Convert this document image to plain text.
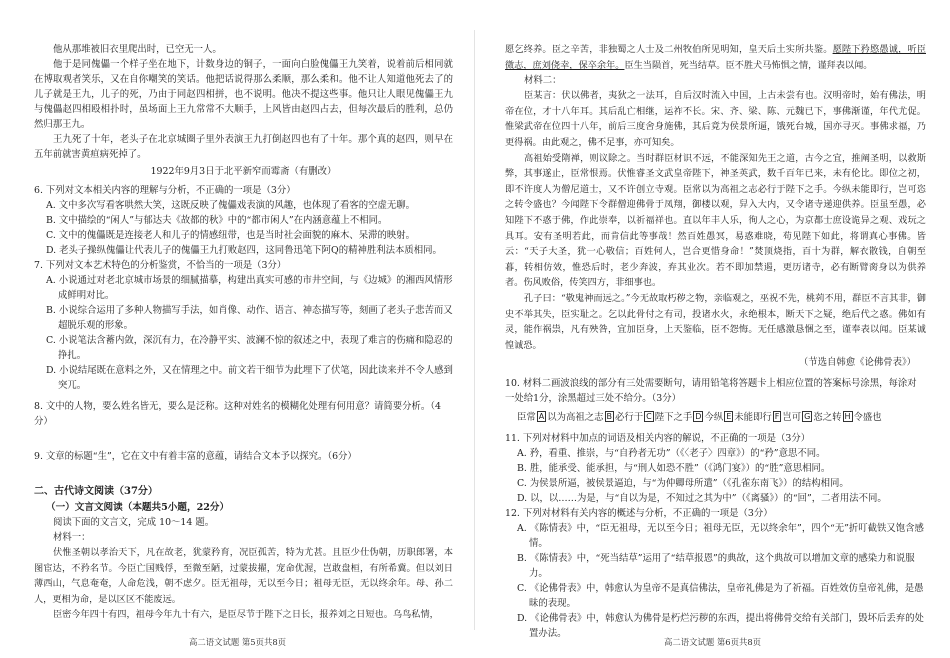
他从那堆被旧衣里爬出时，已空无一人。

他于是同傀儡一个样子坐在地下，计数身边的铜子，一面向白脸傀儡王九笑着，说着前后相同就在博取观者笑乐，又在自你嘲笑的笑话。他把话说得那么柔顺，那么柔和。他不让人知道他死去了的儿子就是王九，儿子的死，乃由于同赵四相拼，也不说明。他决不提这些事。他只让人眼见傀儡王九与傀儡赵四相殴相扑时，虽场面上王九常常不大顺手，上风皆由赵四占去，但每次最后的胜利，总仍然归那王九。

王九死了十年，老头子在北京城圈子里外表演王九打倒赵四也有了十年。那个真的赵四，则早在五年前就害黄疸病死掉了。

1922年9月3日于北平新窄而霉斋（有删改）

6. 下列对文本相关内容的理解与分析，不正确的一项是（3分）

A. 文中多次写看客哄然大笑，这既反映了傀儡戏表演的风趣，也体现了看客的空虚无聊。

B. 文中描绘的“闲人”与郁达夫《故都的秋》中的“都市闲人”在内涵意蕴上不相同。

C. 文中的傀儡既是连接老人和儿子的情感纽带，也是当时社会面貌的麻木、呆滞的映射。

D. 老头子操纵傀儡让代表儿子的傀儡王九打败赵四，这同鲁迅笔下阿Q的精神胜利法本质相同。

7. 下列对文本艺术特色的分析鉴赏，不恰当的一项是（3分）

A. 小说通过对老北京城市场景的细腻描摹，构建出真实可感的市井空间，与《边城》的湘西风情形成鲜明对比。

B. 小说综合运用了多种人物描写手法，如肖像、动作、语言、神态描写等，刻画了老头子悲苦而又超脱乐观的形象。

C. 小说笔法含蓄内敛，深沉有力，在冷静平实、波澜不惊的叙述之中，表现了难言的伤痛和隐忍的挣扎。

D. 小说结尾既在意料之外，又在情理之中。前文若干细节为此埋下了伏笔，因此读来并不令人感到突兀。

8. 文中的人物，要么姓名皆无，要么是泛称。这种对姓名的模糊化处理有何用意？请简要分析。（4分）

9. 文章的标题“生”，它在文中有着丰富的意蕴，请结合文本予以探究。（6分）

二、古代诗文阅读（37分）

（一）文言文阅读（本题共5小题，22分）

阅读下面的文言文，完成 10～14 题。

材料一：

伏惟圣朝以孝治天下，凡在故老，犹蒙矜育，况臣孤苦，特为尤甚。且臣少仕伪朝，历职郎署，本图宦达，不矜名节。今臣亡国贱俘，至微至陋，过蒙拔擢，宠命优渥，岂敢盘桓，有所希冀。但以刘日薄西山，气息奄奄，人命危浅，朝不虑夕。臣无祖母，无以至今日；祖母无臣，无以终余年。母、孙二人，更相为命，是以区区不能废远。

臣密今年四十有四，祖母今年九十有六，是臣尽节于陛下之日长，报养刘之日短也。乌鸟私情，

高二语文试题 第5页共8页

愿乞终养。臣之辛苦，非独蜀之人士及二州牧伯所见明知，皇天后土实所共鉴。愿陛下矜愍愚诚，听臣微志，庶刘侥幸，保卒余年。臣生当陨首，死当结草。臣不胜犬马怖惧之情，谨拜表以闻。

材料二：

臣某言：伏以佛者，夷狄之一法耳，自后汉时流入中国，上古未尝有也。汉明帝时，始有佛法，明帝在位，才十八年耳。其后乱亡相继，运祚不长。宋、齐、梁、陈、元魏已下，事佛渐谨，年代尤促。惟梁武帝在位四十八年，前后三度舍身施佛，其后竟为侯景所逼，饿死台城，国亦寻灭。事佛求福，乃更得祸。由此观之，佛不足事，亦可知矣。

高祖始受隋禅，则议除之。当时群臣材识不远，不能深知先王之道，古今之宜，推阐圣明，以救斯弊，其事遂止，臣常恨焉。伏惟睿圣文武皇帝陛下，神圣英武，数千百年已来，未有伦比。即位之初，即不许度人为僧尼道士，又不许创立寺观。臣常以为高祖之志必行于陛下之手。今纵未能即行，岂可恣之转令盛也？今闻陛下令群僧迎佛骨于凤翔，御楼以观，舁入大内，又令诸寺递迎供养。臣虽至愚，必知陛下不惑于佛，作此崇奉，以祈福祥也。直以年丰人乐，徇人之心，为京都士庶设诡异之观、戏玩之具耳。安有圣明若此，而肯信此等事哉！然百姓愚冥，易惑难晓，苟见陛下如此，将谓真心事佛。皆云：“天子大圣，犹一心敬信；百姓何人，岂合更惜身命！”焚顶烧指，百十为群，解衣散钱，自朝至暮，转相仿效，惟恐后时，老少奔波，弃其业次。若不即加禁遏，更历诸寺，必有断臂脔身以为供养者。伤风败俗，传笑四方，非细事也。

孔子曰：“敬鬼神而远之。”今无故取朽秽之物，亲临观之，巫祝不先，桃茢不用，群臣不言其非，御史不举其失，臣实耻之。乞以此骨付之有司，投诸水火，永绝根本，断天下之疑，绝后代之惑。佛如有灵，能作祸祟，凡有殃咎，宜加臣身，上天鉴临，臣不怨悔。无任感激恳悃之至，谨奉表以闻。臣某诚惶诚恐。

（节选自韩愈《论佛骨表》）

10. 材料二画波浪线的部分有三处需要断句，请用铅笔将答题卡上相应位置的答案标号涂黑，每涂对一处给1分，涂黑超过三处不给分。（3分）

臣常 A 以为高祖之志 B 必行于 C 陛下之手 D 今纵 E 未能即行 F 岂可 G 恣之转 H 令盛也

11. 下列对材料中加点的词语及相关内容的解说，不正确的一项是（3分）

A. 矜，看重、推崇，与“自矜者无功”（《〈老子〉四章》）的“矜”意思不同。

B. 胜，能承受、能承担，与“刑人如恐不胜”（《鸿门宴》）的“胜”意思相同。

C. 为侯景所逼，被侯景逼迫，与“为仲卿母所遣”（《孔雀东南飞》）的结构相同。

D. 以，以……为是，与“自以为是，不知过之其为中”（《离骚》）的“回”，二者用法不同。

12. 下列对材料有关内容的概述与分析，不正确的一项是（3分）

A. 《陈情表》中，“臣无祖母，无以至今日；祖母无臣，无以终余年”，四个“无”折叮截铁又饱含感情。

B. 《陈情表》中，“死当结草”运用了“结草报恩”的典故，这个典故可以增加文章的感染力和说服力。

C. 《论佛骨表》中，韩愈认为皇帝不是真信佛法，皇帝礼佛是为了祈福。百姓效仿皇帝礼佛，是愚昧的表现。

D. 《论佛骨表》中，韩愈认为佛骨是朽烂污秽的东西，提出将佛骨交给有关部门，毁坏后丢弃的处置办法。

高二语文试题 第6页共8页
